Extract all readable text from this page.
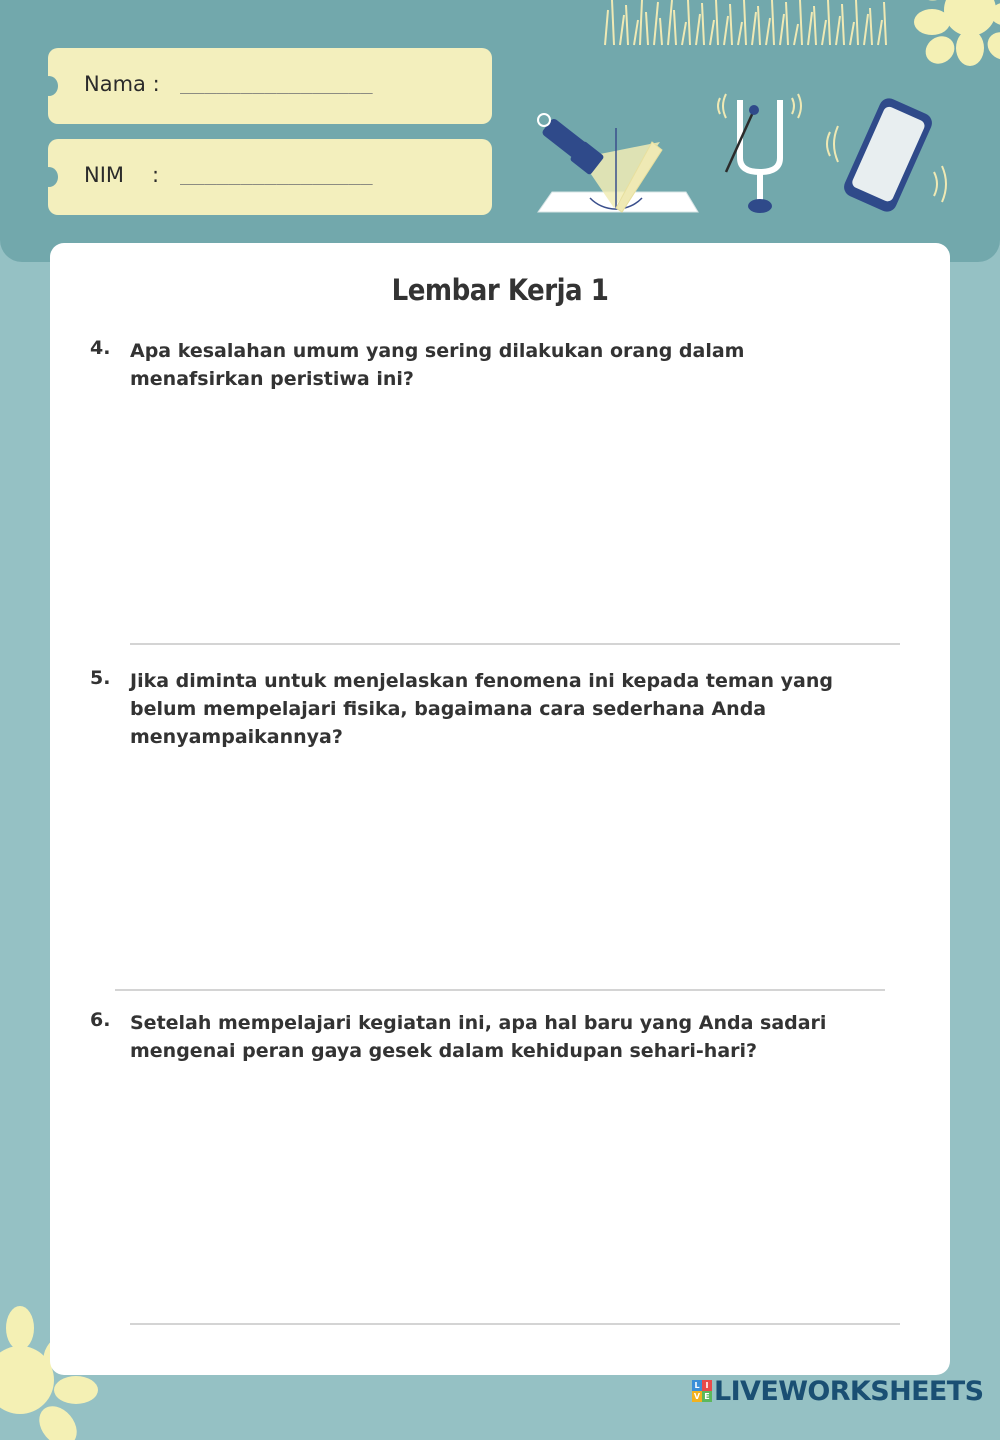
Nama :
________________
NIM :
________________
Lembar Kerja 1
4. Apa kesalahan umum yang sering dilakukan orang dalam menafsirkan peristiwa ini?
5. Jika diminta untuk menjelaskan fenomena ini kepada teman yang belum mempelajari fisika, bagaimana cara sederhana Anda menyampaikannya?
6. Setelah mempelajari kegiatan ini, apa hal baru yang Anda sadari mengenai peran gaya gesek dalam kehidupan sehari-hari?
L I
V E LIVEWORKSHEETS
